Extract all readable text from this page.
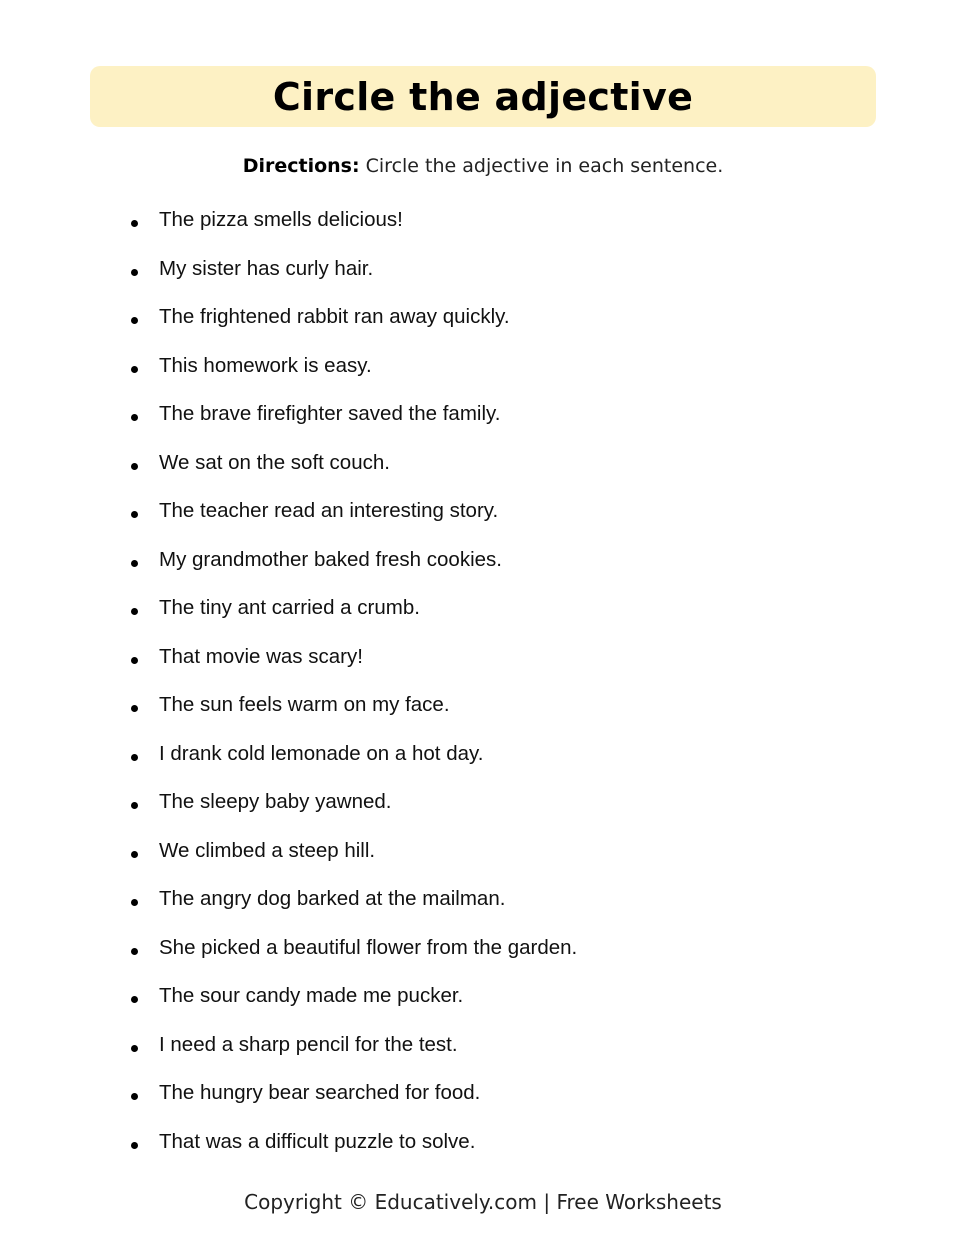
Circle the adjective
Directions: Circle the adjective in each sentence.
The pizza smells delicious!
My sister has curly hair.
The frightened rabbit ran away quickly.
This homework is easy.
The brave firefighter saved the family.
We sat on the soft couch.
The teacher read an interesting story.
My grandmother baked fresh cookies.
The tiny ant carried a crumb.
That movie was scary!
The sun feels warm on my face.
I drank cold lemonade on a hot day.
The sleepy baby yawned.
We climbed a steep hill.
The angry dog barked at the mailman.
She picked a beautiful flower from the garden.
The sour candy made me pucker.
I need a sharp pencil for the test.
The hungry bear searched for food.
That was a difficult puzzle to solve.
Copyright © Educatively.com | Free Worksheets
